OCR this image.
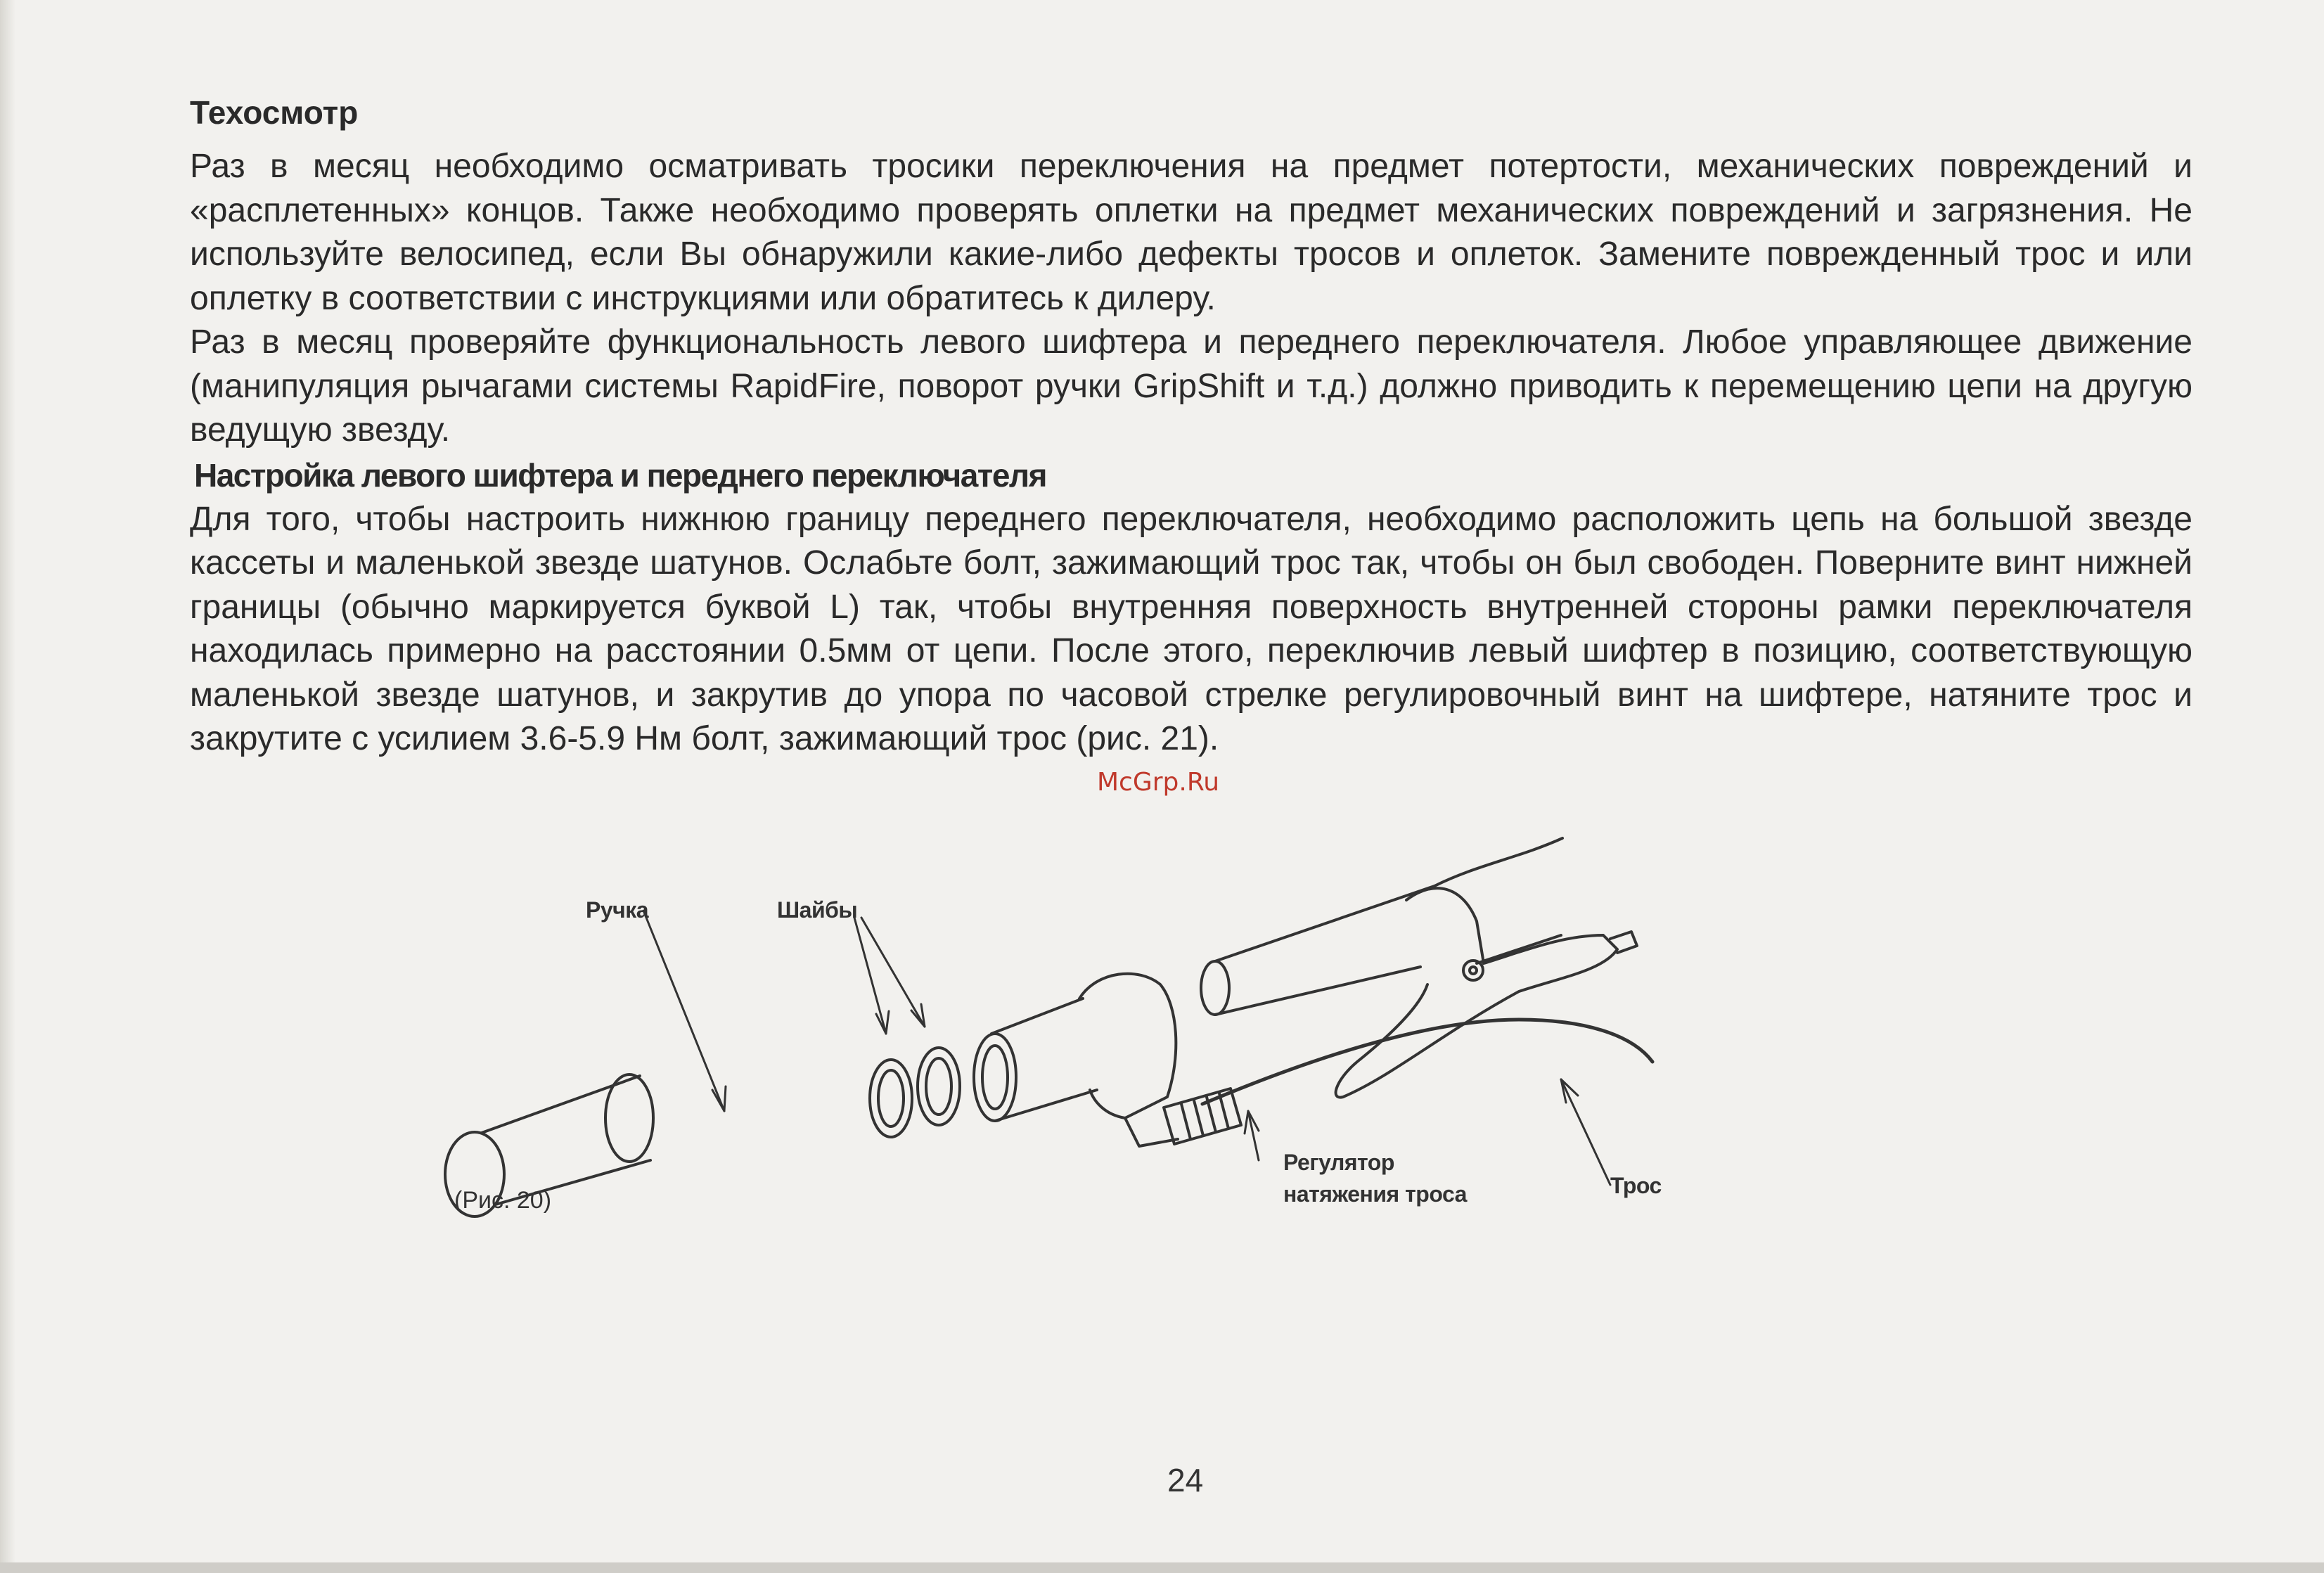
Техосмотр

Раз в месяц необходимо осматривать тросики переключения на предмет потертости, механических повреждений и «расплетенных» концов. Также необходимо проверять оплетки на предмет механических повреждений и загрязнения. Не используйте велосипед, если Вы обнаружили какие-либо дефекты тросов и оплеток. Замените поврежденный трос и или оплетку в соответствии с инструкциями или обратитесь к дилеру.

Раз в месяц проверяйте функциональность левого шифтера и переднего переключателя. Любое управляющее движение (манипуляция рычагами системы RapidFire, поворот ручки GripShift и т.д.) должно приводить к перемещению цепи на другую ведущую звезду.

Настройка левого шифтера и переднего переключателя

Для того, чтобы настроить нижнюю границу переднего переключателя, необходимо расположить цепь на большой звезде кассеты и маленькой звезде шатунов. Ослабьте болт, зажимающий трос так, чтобы он был свободен. Поверните винт нижней границы (обычно маркируется буквой L) так, чтобы внутренняя поверхность внутренней стороны рамки переключателя находилась примерно на расстоянии 0.5мм от цепи. После этого, переключив левый шифтер в позицию, соответствующую маленькой звезде шатунов, и закрутив до упора по часовой стрелке регулировочный винт на шифтере, натяните трос и закрутите с усилием 3.6-5.9 Нм болт, зажимающий трос (рис. 21).

McGrp.Ru
Ручка	Шайбы
Регулятор
натяжения троса	Трос
(Рис. 20)
24
